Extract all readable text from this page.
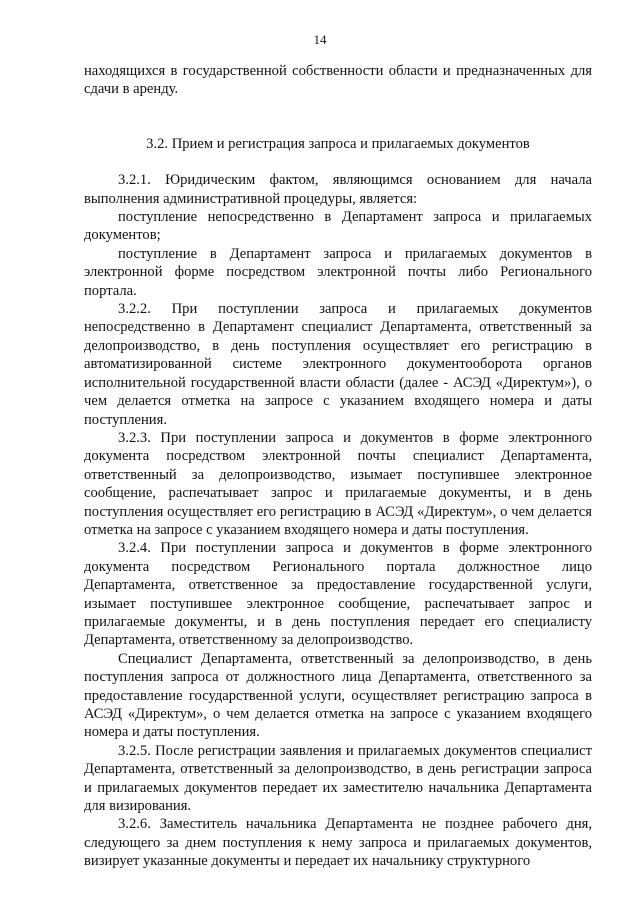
14

находящихся в государственной собственности области и предназначенных для сдачи в аренду.

3.2. Прием и регистрация запроса и прилагаемых документов

3.2.1. Юридическим фактом, являющимся основанием для начала выполнения административной процедуры, является:

поступление непосредственно в Департамент запроса и прилагаемых документов;

поступление в Департамент запроса и прилагаемых документов в электронной форме посредством электронной почты либо Регионального портала.

3.2.2. При поступлении запроса и прилагаемых документов непосредственно в Департамент специалист Департамента, ответственный за делопроизводство, в день поступления осуществляет его регистрацию в автоматизированной системе электронного документооборота органов исполнительной государственной власти области (далее - АСЭД «Директум»), о чем делается отметка на запросе с указанием входящего номера и даты поступления.

3.2.3. При поступлении запроса и документов в форме электронного документа посредством электронной почты специалист Департамента, ответственный за делопроизводство, изымает поступившее электронное сообщение, распечатывает запрос и прилагаемые документы, и в день поступления осуществляет его регистрацию в АСЭД «Директум», о чем делается отметка на запросе с указанием входящего номера и даты поступления.

3.2.4. При поступлении запроса и документов в форме электронного документа посредством Регионального портала должностное лицо Департамента, ответственное за предоставление государственной услуги, изымает поступившее электронное сообщение, распечатывает запрос и прилагаемые документы, и в день поступления передает его специалисту Департамента, ответственному за делопроизводство.

Специалист Департамента, ответственный за делопроизводство, в день поступления запроса от должностного лица Департамента, ответственного за предоставление государственной услуги, осуществляет регистрацию запроса в АСЭД «Директум», о чем делается отметка на запросе с указанием входящего номера и даты поступления.

3.2.5. После регистрации заявления и прилагаемых документов специалист Департамента, ответственный за делопроизводство, в день регистрации запроса и прилагаемых документов передает их заместителю начальника Департамента для визирования.

3.2.6. Заместитель начальника Департамента не позднее рабочего дня, следующего за днем поступления к нему запроса и прилагаемых документов, визирует указанные документы и передает их начальнику структурного
